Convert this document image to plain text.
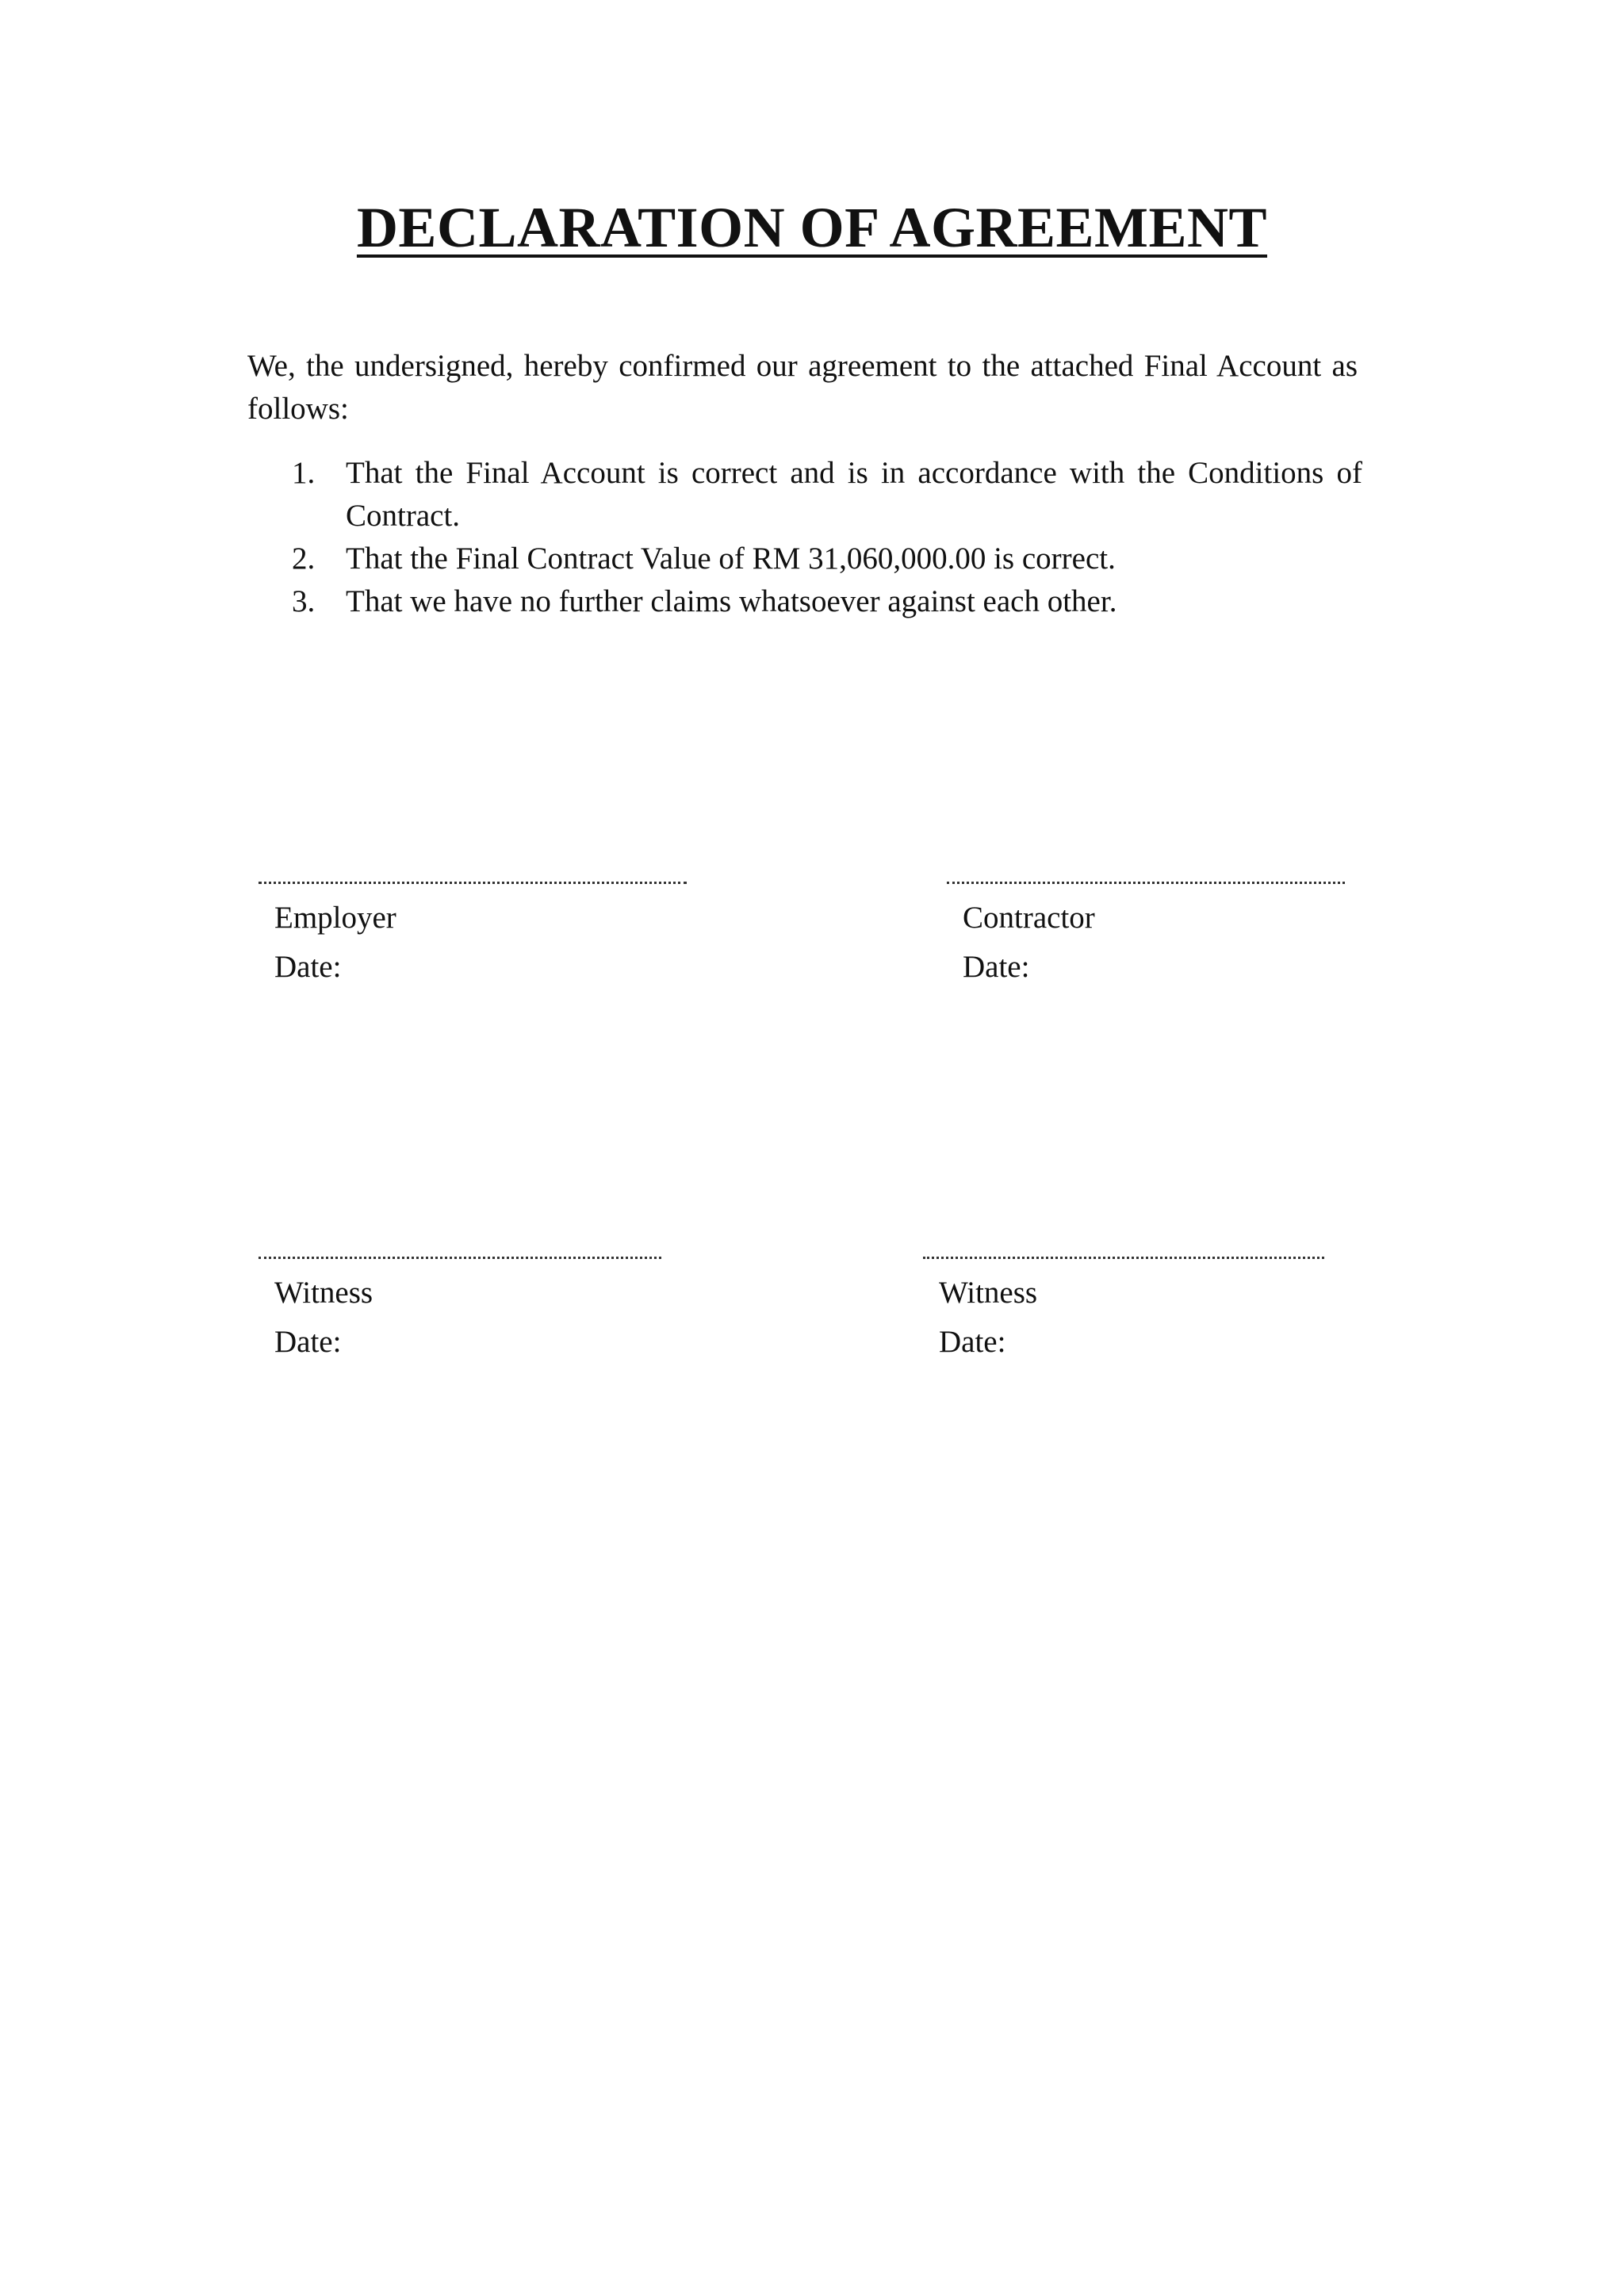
DECLARATION OF AGREEMENT
We, the undersigned, hereby confirmed our agreement to the attached Final Account as follows:
1. That the Final Account is correct and is in accordance with the Conditions of Contract.
2. That the Final Contract Value of RM 31,060,000.00 is correct.
3. That we have no further claims whatsoever against each other.
Employer
Date:
Contractor
Date:
Witness
Date:
Witness
Date:
